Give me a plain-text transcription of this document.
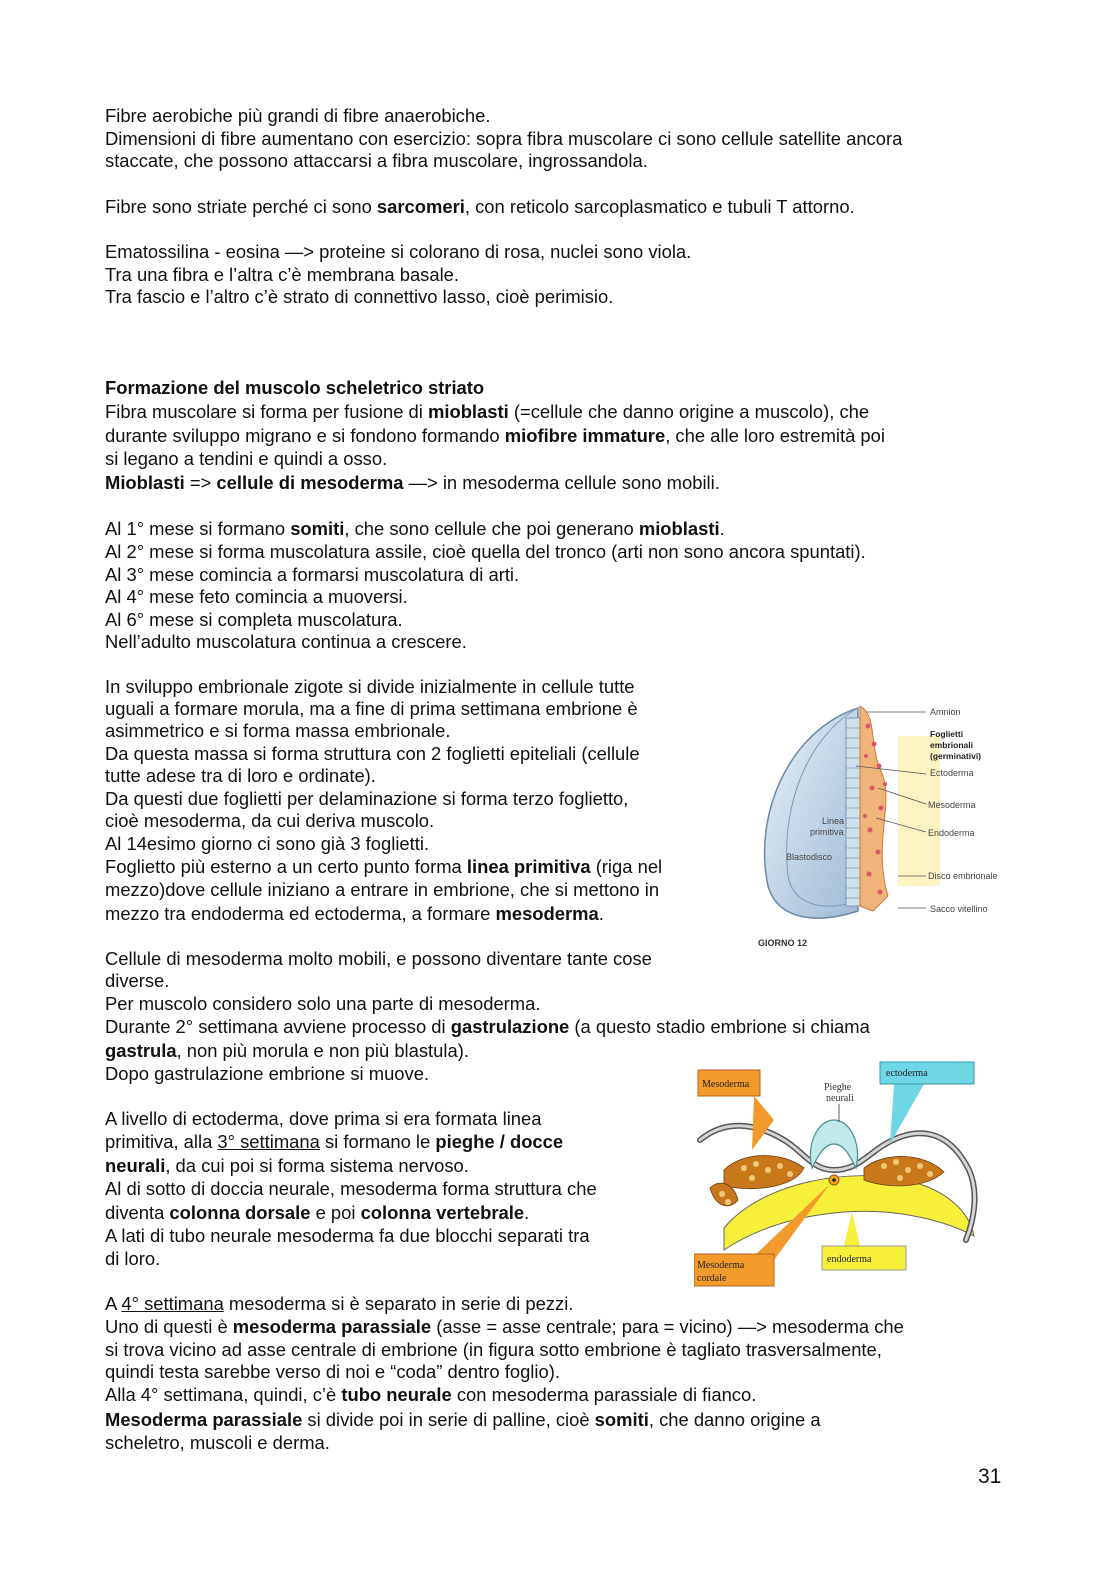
Fibre aerobiche più grandi di fibre anaerobiche.
Dimensioni di fibre aumentano con esercizio: sopra fibra muscolare ci sono cellule satellite ancora
staccate, che possono attaccarsi a fibra muscolare, ingrossandola.
Fibre sono striate perché ci sono sarcomeri, con reticolo sarcoplasmatico e tubuli T attorno.
Ematossilina - eosina —> proteine si colorano di rosa, nuclei sono viola.
Tra una fibra e l’altra c’è membrana basale.
Tra fascio e l’altro c’è strato di connettivo lasso, cioè perimisio.
Formazione del muscolo scheletrico striato
Fibra muscolare si forma per fusione di mioblasti (=cellule che danno origine a muscolo), che
durante sviluppo migrano e si fondono formando miofibre immature, che alle loro estremità poi
si legano a tendini e quindi a osso.
Mioblasti => cellule di mesoderma —> in mesoderma cellule sono mobili.
Al 1° mese si formano somiti, che sono cellule che poi generano mioblasti.
Al 2° mese si forma muscolatura assile, cioè quella del tronco (arti non sono ancora spuntati).
Al 3° mese comincia a formarsi muscolatura di arti.
Al 4° mese feto comincia a muoversi.
Al 6° mese si completa muscolatura.
Nell’adulto muscolatura continua a crescere.
In sviluppo embrionale zigote si divide inizialmente in cellule tutte
uguali a formare morula, ma a fine di prima settimana embrione è
asimmetrico e si forma massa embrionale.
Da questa massa si forma struttura con 2 foglietti epiteliali (cellule
tutte adese tra di loro e ordinate).
Da questi due foglietti per delaminazione si forma terzo foglietto,
cioè mesoderma, da cui deriva muscolo.
Al 14esimo giorno ci sono già 3 foglietti.
Foglietto più esterno a un certo punto forma linea primitiva (riga nel
mezzo)dove cellule iniziano a entrare in embrione, che si mettono in
mezzo tra endoderma ed ectoderma, a formare mesoderma.
Cellule di mesoderma molto mobili, e possono diventare tante cose
diverse.
Per muscolo considero solo una parte di mesoderma.
Durante 2° settimana avviene processo di gastrulazione (a questo stadio embrione si chiama
gastrula, non più morula e non più blastula).
Dopo gastrulazione embrione si muove.
A livello di ectoderma, dove prima si era formata linea
primitiva, alla 3° settimana si formano le pieghe / docce
neurali, da cui poi si forma sistema nervoso.
Al di sotto di doccia neurale, mesoderma forma struttura che
diventa colonna dorsale e poi colonna vertebrale.
A lati di tubo neurale mesoderma fa due blocchi separati tra
di loro.
A 4° settimana mesoderma si è separato in serie di pezzi.
Uno di questi è mesoderma parassiale (asse = asse centrale; para = vicino) —> mesoderma che
si trova vicino ad asse centrale di embrione (in figura sotto embrione è tagliato trasversalmente,
quindi testa sarebbe verso di noi e “coda” dentro foglio).
Alla 4° settimana, quindi, c’è tubo neurale con mesoderma parassiale di fianco.
Mesoderma parassiale si divide poi in serie di palline, cioè somiti, che danno origine a
scheletro, muscoli e derma.
31
Amnion
Foglietti
embrionali
(germinativi)
Ectoderma
Mesoderma
Endoderma
Linea
primitiva
Blastodisco
Disco embrionale
Sacco vitellino
GIORNO 12
Mesoderma	Pieghe
neurali
ectoderma
endoderma
Mesoderma
cordale
